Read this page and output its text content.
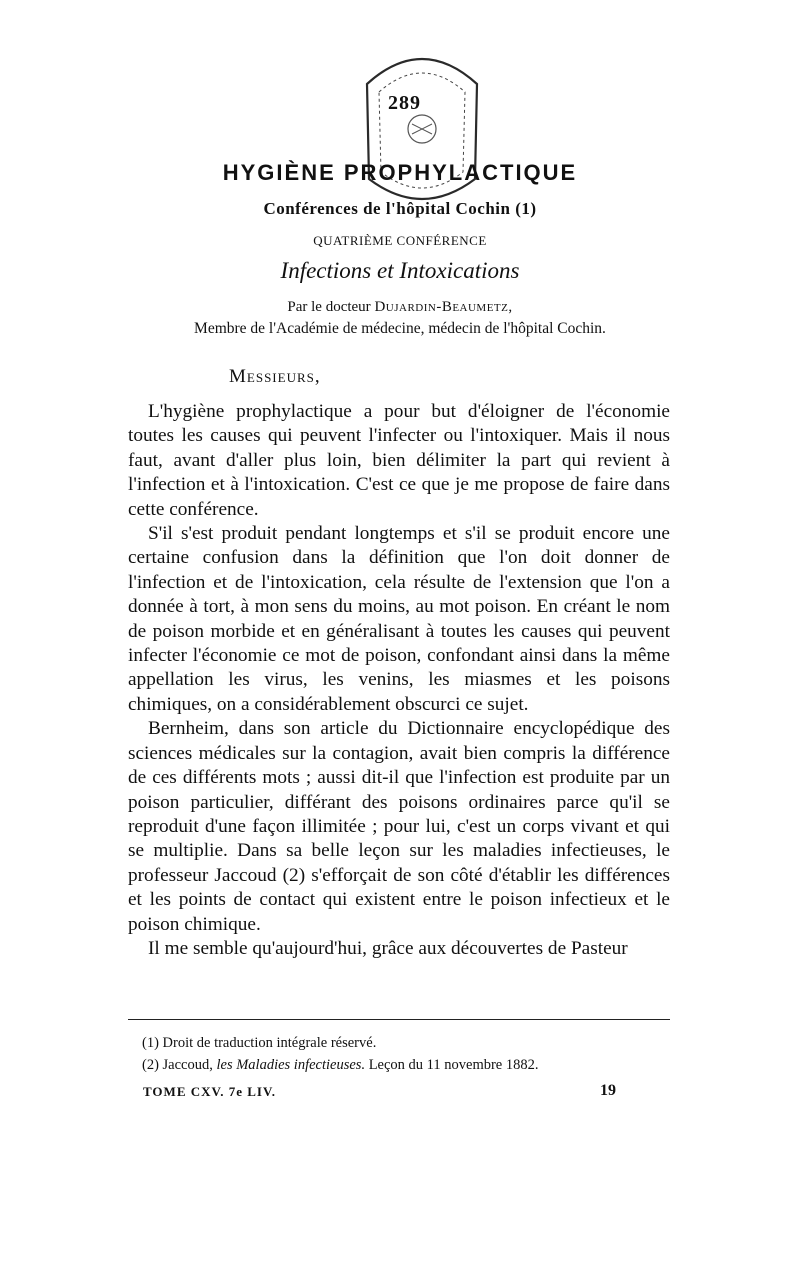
289
HYGIÈNE PROPHYLACTIQUE
Conférences de l'hôpital Cochin (1)
QUATRIÈME CONFÉRENCE
Infections et Intoxications
Par le docteur Dujardin-Beaumetz,
Membre de l'Académie de médecine, médecin de l'hôpital Cochin.
Messieurs,

L'hygiène prophylactique a pour but d'éloigner de l'économie toutes les causes qui peuvent l'infecter ou l'intoxiquer. Mais il nous faut, avant d'aller plus loin, bien délimiter la part qui revient à l'infection et à l'intoxication. C'est ce que je me propose de faire dans cette conférence.

S'il s'est produit pendant longtemps et s'il se produit encore une certaine confusion dans la définition que l'on doit donner de l'infection et de l'intoxication, cela résulte de l'extension que l'on a donnée à tort, à mon sens du moins, au mot poison. En créant le nom de poison morbide et en généralisant à toutes les causes qui peuvent infecter l'économie ce mot de poison, confondant ainsi dans la même appellation les virus, les venins, les miasmes et les poisons chimiques, on a considérablement obscurci ce sujet.

Bernheim, dans son article du Dictionnaire encyclopédique des sciences médicales sur la contagion, avait bien compris la différence de ces différents mots ; aussi dit-il que l'infection est produite par un poison particulier, différant des poisons ordinaires parce qu'il se reproduit d'une façon illimitée ; pour lui, c'est un corps vivant et qui se multiplie. Dans sa belle leçon sur les maladies infectieuses, le professeur Jaccoud (2) s'efforçait de son côté d'établir les différences et les points de contact qui existent entre le poison infectieux et le poison chimique.

Il me semble qu'aujourd'hui, grâce aux découvertes de Pasteur

(1) Droit de traduction intégrale réservé.
(2) Jaccoud, les Maladies infectieuses. Leçon du 11 novembre 1882.
TOME CXV. 7e LIV.	19
